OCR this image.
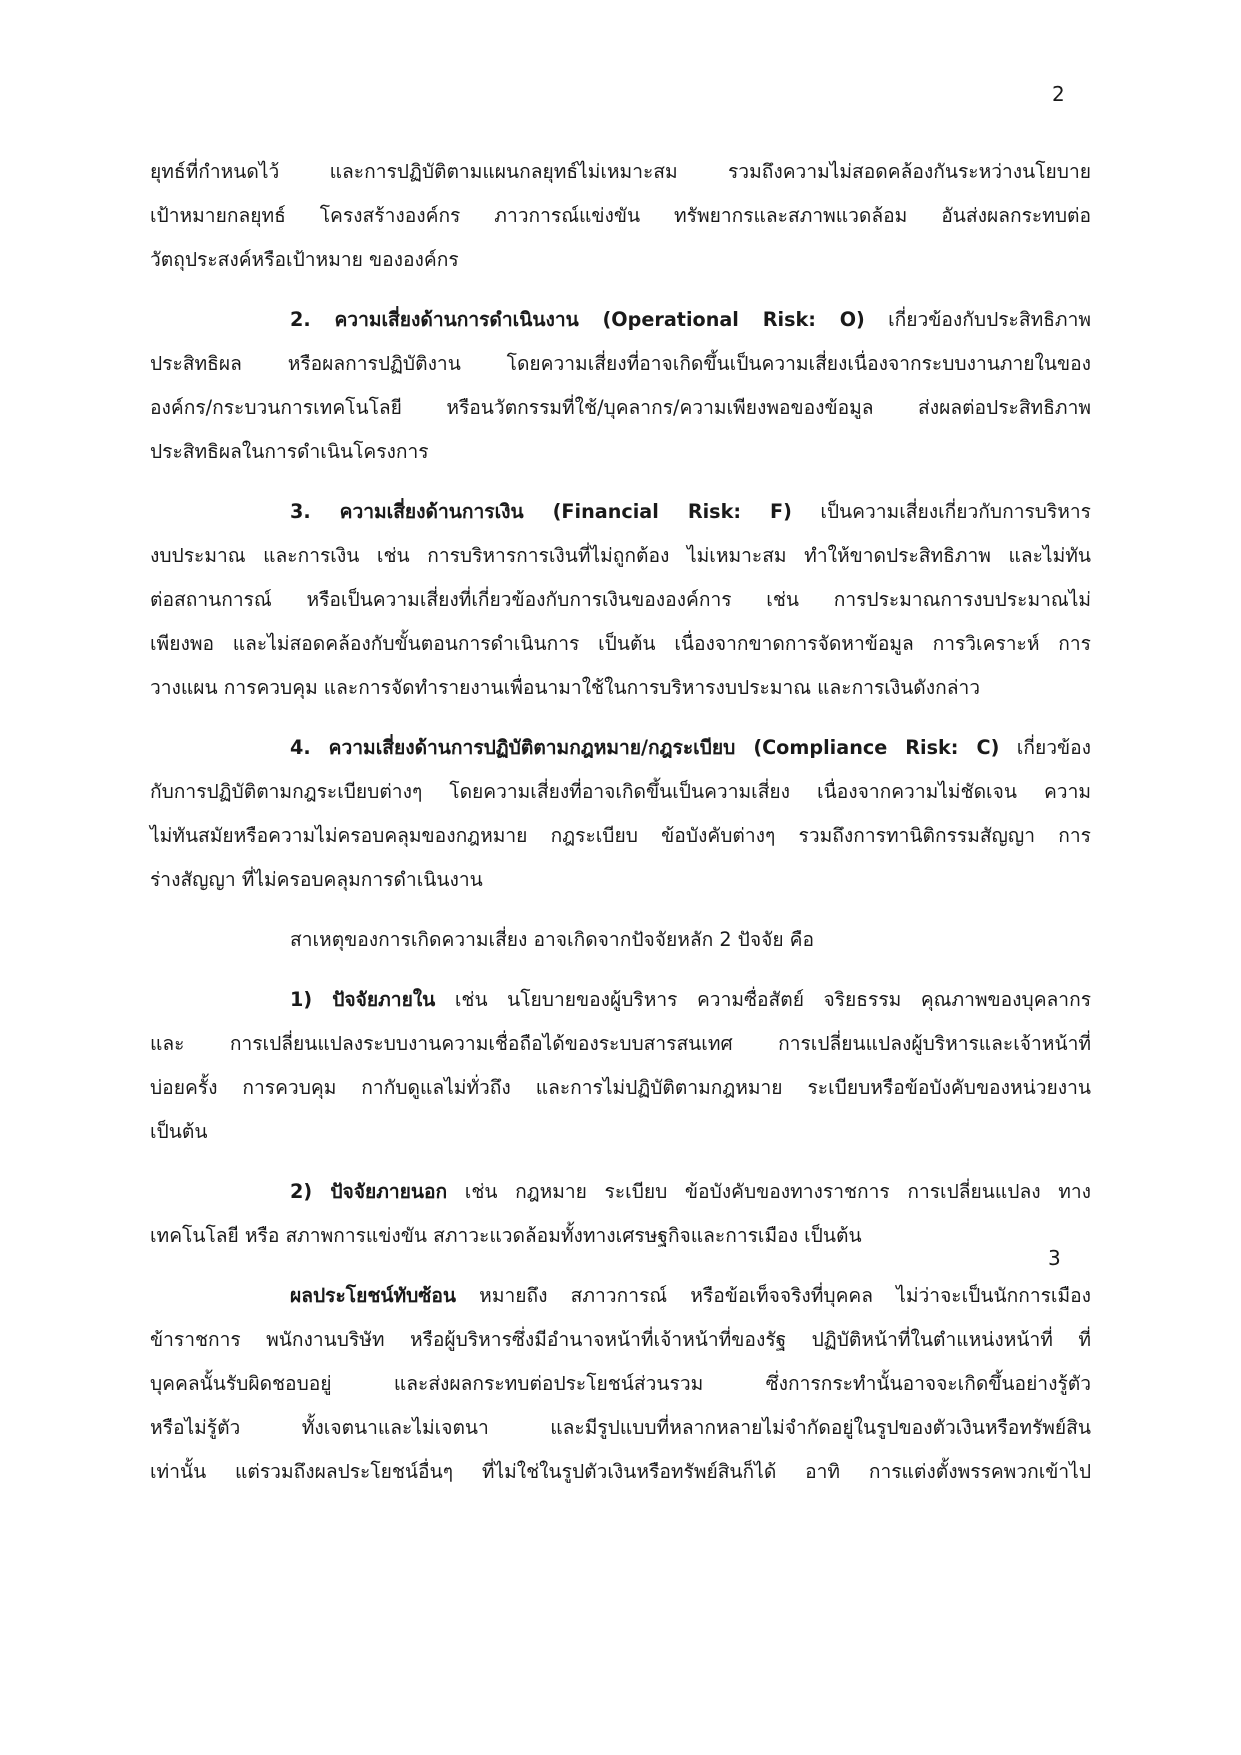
2
3
ยุทธ์ที่กำหนดไว้ และการปฏิบัติตามแผนกลยุทธ์ไม่เหมาะสม รวมถึงความไม่สอดคล้องกันระหว่างนโยบาย
เป้าหมายกลยุทธ์ โครงสร้างองค์กร ภาวการณ์แข่งขัน ทรัพยากรและสภาพแวดล้อม อันส่งผลกระทบต่อ
วัตถุประสงค์หรือเป้าหมาย ขององค์กร
2. ความเสี่ยงด้านการดำเนินงาน (Operational Risk: O) เกี่ยวข้องกับประสิทธิภาพ
ประสิทธิผล หรือผลการปฏิบัติงาน โดยความเสี่ยงที่อาจเกิดขึ้นเป็นความเสี่ยงเนื่องจากระบบงานภายในของ
องค์กร/กระบวนการเทคโนโลยี หรือนวัตกรรมที่ใช้/บุคลากร/ความเพียงพอของข้อมูล ส่งผลต่อประสิทธิภาพ
ประสิทธิผลในการดำเนินโครงการ
3. ความเสี่ยงด้านการเงิน (Financial Risk: F) เป็นความเสี่ยงเกี่ยวกับการบริหาร
งบประมาณ และการเงิน เช่น การบริหารการเงินที่ไม่ถูกต้อง ไม่เหมาะสม ทำให้ขาดประสิทธิภาพ และไม่ทัน
ต่อสถานการณ์ หรือเป็นความเสี่ยงที่เกี่ยวข้องกับการเงินขององค์การ เช่น การประมาณการงบประมาณไม่
เพียงพอ และไม่สอดคล้องกับขั้นตอนการดำเนินการ เป็นต้น เนื่องจากขาดการจัดหาข้อมูล การวิเคราะห์ การ
วางแผน การควบคุม และการจัดทำรายงานเพื่อนามาใช้ในการบริหารงบประมาณ และการเงินดังกล่าว
4. ความเสี่ยงด้านการปฏิบัติตามกฎหมาย/กฎระเบียบ (Compliance Risk: C) เกี่ยวข้อง
กับการปฏิบัติตามกฎระเบียบต่างๆ โดยความเสี่ยงที่อาจเกิดขึ้นเป็นความเสี่ยง เนื่องจากความไม่ชัดเจน ความ
ไม่ทันสมัยหรือความไม่ครอบคลุมของกฎหมาย กฎระเบียบ ข้อบังคับต่างๆ รวมถึงการทานิติกรรมสัญญา การ
ร่างสัญญา ที่ไม่ครอบคลุมการดำเนินงาน
สาเหตุของการเกิดความเสี่ยง อาจเกิดจากปัจจัยหลัก 2 ปัจจัย คือ
1) ปัจจัยภายใน เช่น นโยบายของผู้บริหาร ความซื่อสัตย์ จริยธรรม คุณภาพของบุคลากร
และ การเปลี่ยนแปลงระบบงานความเชื่อถือได้ของระบบสารสนเทศ การเปลี่ยนแปลงผู้บริหารและเจ้าหน้าที่
บ่อยครั้ง การควบคุม กากับดูแลไม่ทั่วถึง และการไม่ปฏิบัติตามกฎหมาย ระเบียบหรือข้อบังคับของหน่วยงาน
เป็นต้น
2) ปัจจัยภายนอก เช่น กฎหมาย ระเบียบ ข้อบังคับของทางราชการ การเปลี่ยนแปลง ทาง
เทคโนโลยี หรือ สภาพการแข่งขัน สภาวะแวดล้อมทั้งทางเศรษฐกิจและการเมือง เป็นต้น
ผลประโยชน์ทับซ้อน หมายถึง สภาวการณ์ หรือข้อเท็จจริงที่บุคคล ไม่ว่าจะเป็นนักการเมือง
ข้าราชการ พนักงานบริษัท หรือผู้บริหารซึ่งมีอำนาจหน้าที่เจ้าหน้าที่ของรัฐ ปฏิบัติหน้าที่ในตำแหน่งหน้าที่ ที่
บุคคลนั้นรับผิดชอบอยู่ และส่งผลกระทบต่อประโยชน์ส่วนรวม ซึ่งการกระทำนั้นอาจจะเกิดขึ้นอย่างรู้ตัว
หรือไม่รู้ตัว ทั้งเจตนาและไม่เจตนา และมีรูปแบบที่หลากหลายไม่จำกัดอยู่ในรูปของตัวเงินหรือทรัพย์สิน
เท่านั้น แต่รวมถึงผลประโยชน์อื่นๆ ที่ไม่ใช่ในรูปตัวเงินหรือทรัพย์สินก็ได้ อาทิ การแต่งตั้งพรรคพวกเข้าไป
